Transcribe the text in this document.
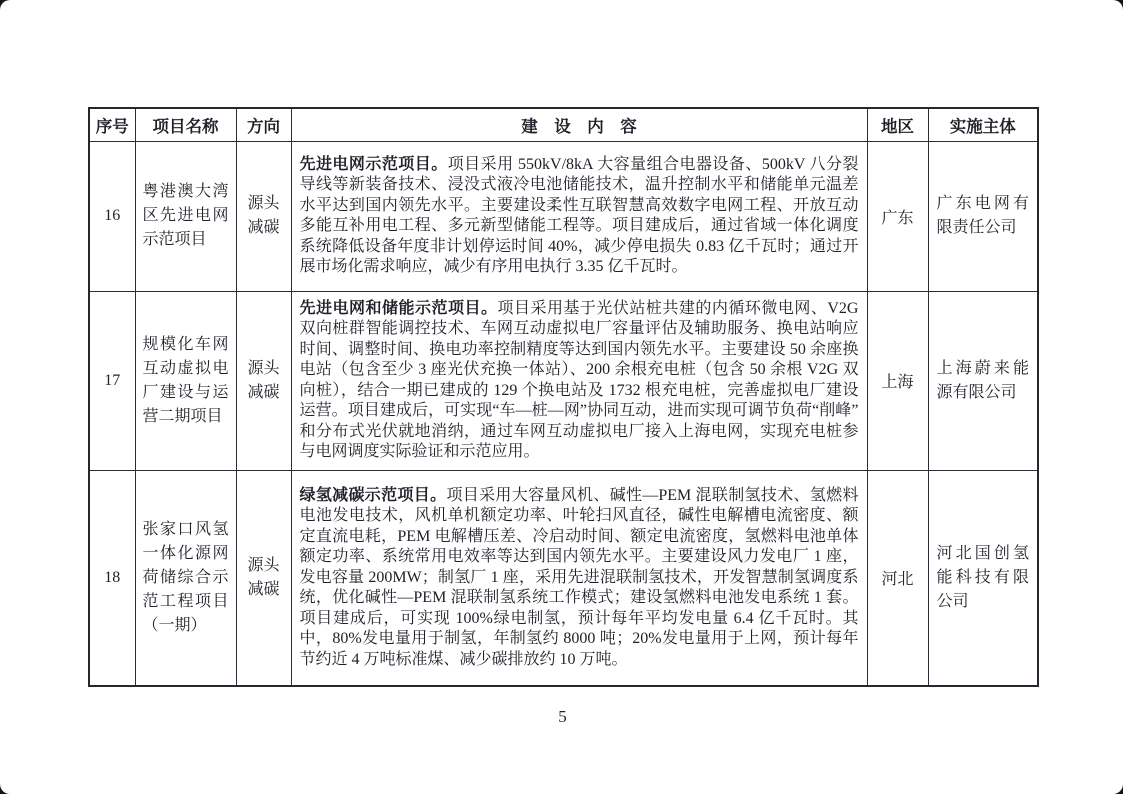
序号	项目名称	方向	建　设　内　容	地区	实施主体
16	粤港澳大湾区先进电网示范项目	源头减碳	先进电网示范项目。项目采用 550kV/8kA 大容量组合电器设备、500kV 八分裂导线等新装备技术、浸没式液冷电池储能技术，温升控制水平和储能单元温差水平达到国内领先水平。主要建设柔性互联智慧高效数字电网工程、开放互动多能互补用电工程、多元新型储能工程等。项目建成后，通过省域一体化调度系统降低设备年度非计划停运时间 40%，减少停电损失 0.83 亿千瓦时；通过开展市场化需求响应，减少有序用电执行 3.35 亿千瓦时。	广东	广东电网有限责任公司
17	规模化车网互动虚拟电厂建设与运营二期项目	源头减碳	先进电网和储能示范项目。项目采用基于光伏站桩共建的内循环微电网、V2G 双向桩群智能调控技术、车网互动虚拟电厂容量评估及辅助服务、换电站响应时间、调整时间、换电功率控制精度等达到国内领先水平。主要建设 50 余座换电站（包含至少 3 座光伏充换一体站）、200 余根充电桩（包含 50 余根 V2G 双向桩），结合一期已建成的 129 个换电站及 1732 根充电桩，完善虚拟电厂建设运营。项目建成后，可实现“车—桩—网”协同互动，进而实现可调节负荷“削峰”和分布式光伏就地消纳，通过车网互动虚拟电厂接入上海电网，实现充电桩参与电网调度实际验证和示范应用。	上海	上海蔚来能源有限公司
18	张家口风氢一体化源网荷储综合示范工程项目（一期）	源头减碳	绿氢减碳示范项目。项目采用大容量风机、碱性—PEM 混联制氢技术、氢燃料电池发电技术，风机单机额定功率、叶轮扫风直径，碱性电解槽电流密度、额定直流电耗，PEM 电解槽压差、冷启动时间、额定电流密度，氢燃料电池单体额定功率、系统常用电效率等达到国内领先水平。主要建设风力发电厂 1 座，发电容量 200MW；制氢厂 1 座，采用先进混联制氢技术，开发智慧制氢调度系统，优化碱性—PEM 混联制氢系统工作模式；建设氢燃料电池发电系统 1 套。项目建成后，可实现 100%绿电制氢，预计每年平均发电量 6.4 亿千瓦时。其中，80%发电量用于制氢，年制氢约 8000 吨；20%发电量用于上网，预计每年节约近 4 万吨标准煤、减少碳排放约 10 万吨。	河北	河北国创氢能科技有限公司
5
